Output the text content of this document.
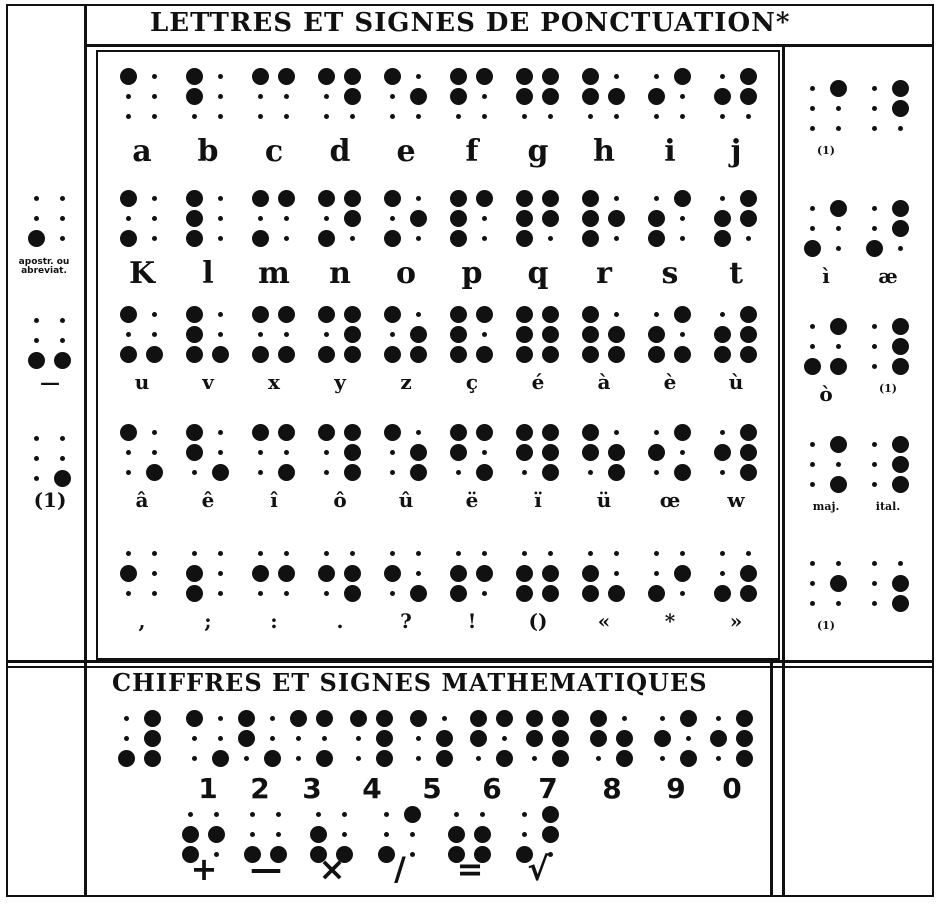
LETTRES ET SIGNES DE PONCTUATION*
CHIFFRES ET SIGNES MATHEMATIQUES
apostr. ou abreviat.
a	b	c	d	e	f	g	h	i	j
K	l	m	n	o	p	q	r	s	t
u	v	x	y	z	ç	é	à	è	ù
â	ê	î	ô	û	ë	ï	ü	œ	w
,	;	:	.	?	!	()	«	*	»
(1)
ì	æ
ò	(1)
maj.	ital.
(1)
—
(1)
1	2	3	4	5	6	7	8	9	0
+	—	×	/	=	√
